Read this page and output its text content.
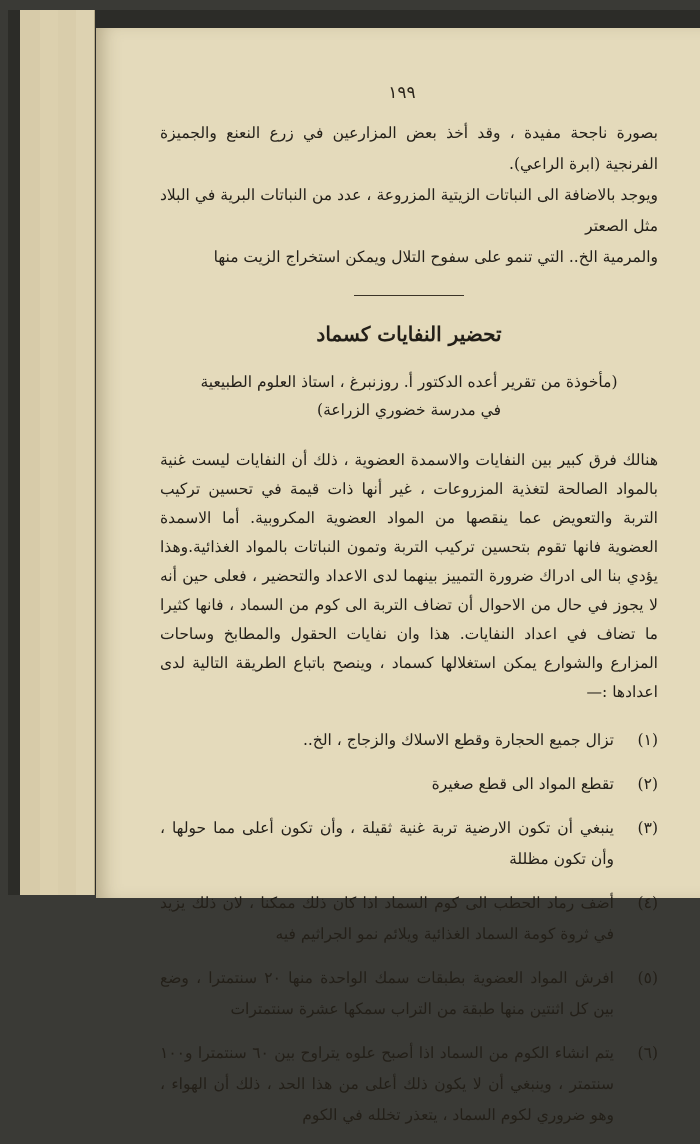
١٩٩

بصورة ناجحة مفيدة ، وقد أخذ بعض المزارعين في زرع النعنع والجميزة الفرنجية (ابرة الراعي).

ويوجد بالاضافة الى النباتات الزيتية المزروعة ، عدد من النباتات البرية في البلاد مثل الصعتر

والمرمية الخ.. التي تنمو على سفوح التلال ويمكن استخراج الزيت منها

تحضير النفايات كسماد
(مأخوذة من تقرير أعده الدكتور أ. روزنبرغ ، استاذ العلوم الطبيعية
في مدرسة خضوري الزراعة)

هنالك فرق كبير بين النفايات والاسمدة العضوية ، ذلك أن النفايات ليست غنية بالمواد الصالحة لتغذية المزروعات ، غير أنها ذات قيمة في تحسين تركيب التربة والتعويض عما ينقصها من المواد العضوية المكروبية. أما الاسمدة العضوية فانها تقوم بتحسين تركيب التربة وتمون النباتات بالمواد الغذائية.وهذا يؤدي بنا الى ادراك ضرورة التمييز بينهما لدى الاعداد والتحضير ، فعلى حين أنه لا يجوز في حال من الاحوال أن تضاف التربة الى كوم من السماد ، فانها كثيرا ما تضاف في اعداد النفايات. هذا وان نفايات الحقول والمطابخ وساحات المزارع والشوارع يمكن استغلالها كسماد ، وينصح باتباع الطريقة التالية لدى اعدادها :—

(١)
تزال جميع الحجارة وقطع الاسلاك والزجاج ، الخ..
(٢)
تقطع المواد الى قطع صغيرة
(٣)
ينبغي أن تكون الارضية تربة غنية ثقيلة ، وأن تكون أعلى مما حولها ، وأن تكون مظللة
(٤)
أضف رماد الحطب الى كوم السماد اذا كان ذلك ممكنا ، لان ذلك يزيد في ثروة كومة السماد الغذائية ويلائم نمو الجراثيم فيه
(٥)
افرش المواد العضوية بطبقات سمك الواحدة منها ٢٠ سنتمترا ، وضع بين كل اثنتين منها طبقة من التراب سمكها عشرة سنتمترات
(٦)
يتم انشاء الكوم من السماد اذا أصبح علوه يتراوح بين ٦٠ سنتمترا و١٠٠ سنتمتر ، وينبغي أن لا يكون ذلك أعلى من هذا الحد ، ذلك أن الهواء ، وهو ضروري لكوم السماد ، يتعذر تخلله في الكوم
